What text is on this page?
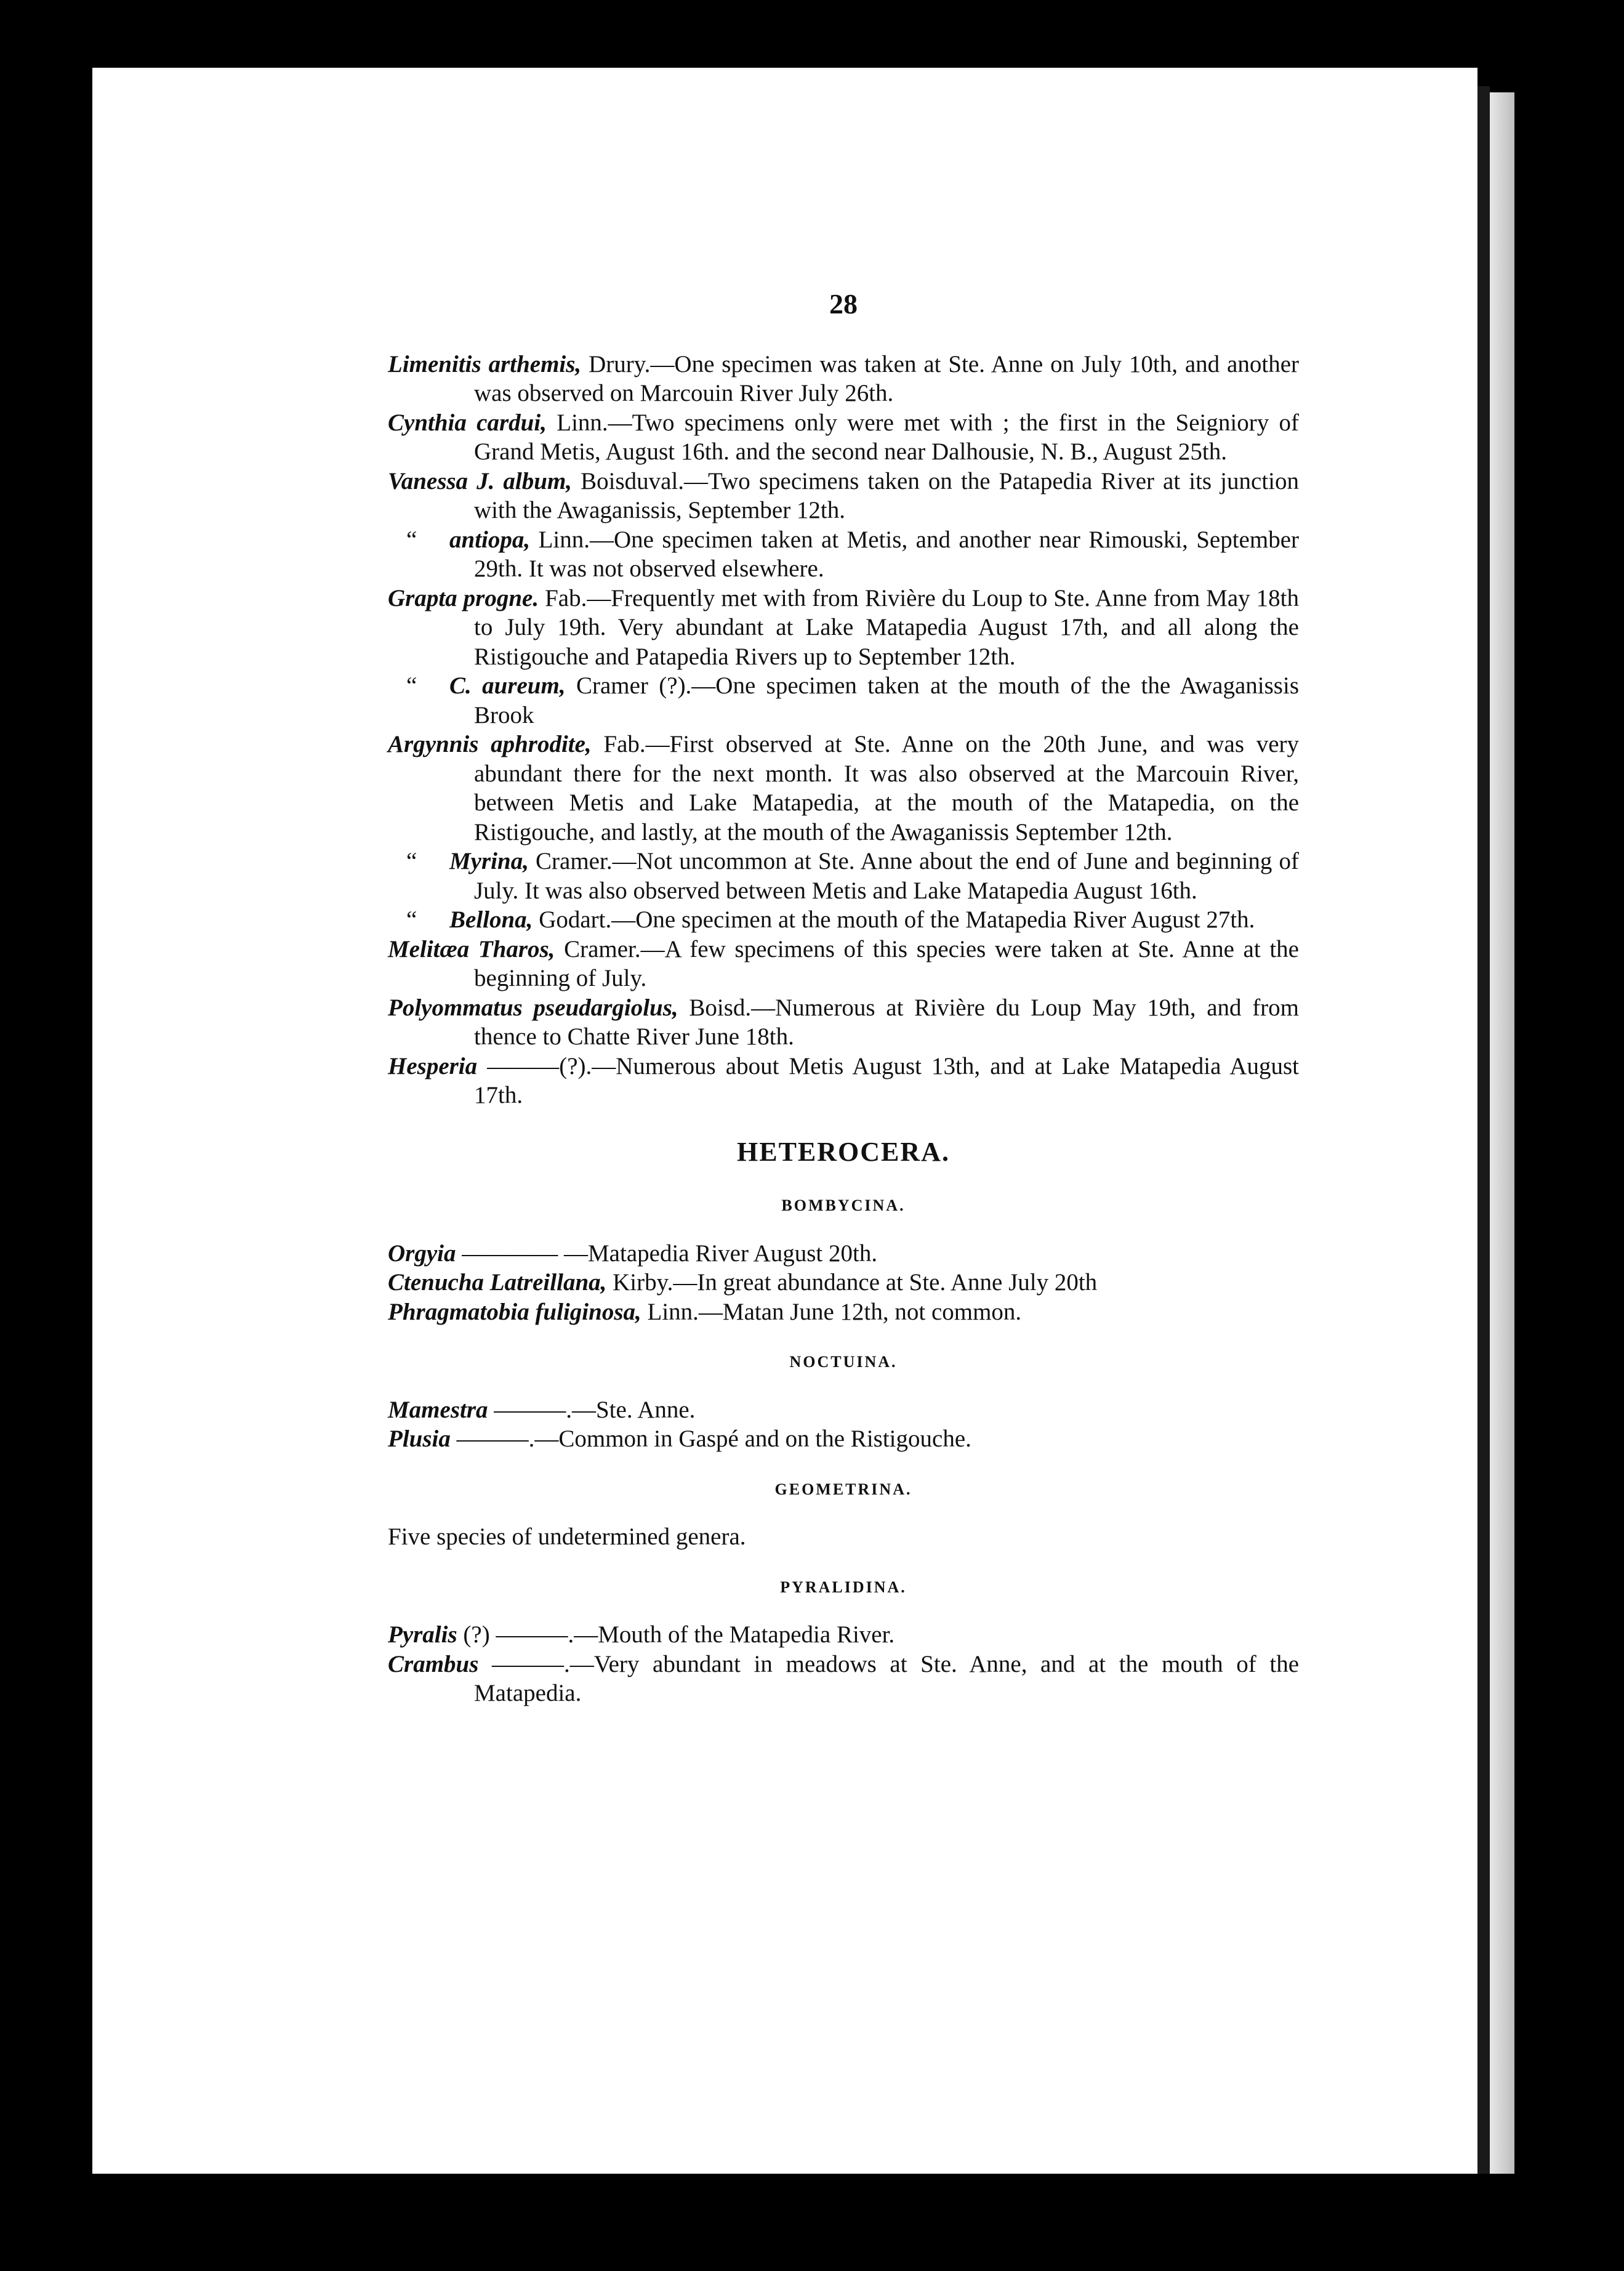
28
Limenitis arthemis, Drury.—One specimen was taken at Ste. Anne on July 10th, and another was observed on Marcouin River July 26th.
Cynthia cardui, Linn.—Two specimens only were met with ; the first in the Seigniory of Grand Metis, August 16th. and the second near Dalhousie, N. B., August 25th.
Vanessa J. album, Boisduval.—Two specimens taken on the Patapedia River at its junction with the Awaganissis, September 12th.
“ antiopa, Linn.—One specimen taken at Metis, and another near Rimouski, September 29th. It was not observed elsewhere.
Grapta progne. Fab.—Frequently met with from Rivière du Loup to Ste. Anne from May 18th to July 19th. Very abundant at Lake Matapedia August 17th, and all along the Ristigouche and Patapedia Rivers up to September 12th.
“ C. aureum, Cramer (?).—One specimen taken at the mouth of the the Awaganissis Brook
Argynnis aphrodite, Fab.—First observed at Ste. Anne on the 20th June, and was very abundant there for the next month. It was also observed at the Marcouin River, between Metis and Lake Matapedia, at the mouth of the Matapedia, on the Ristigouche, and lastly, at the mouth of the Awaganissis September 12th.
“ Myrina, Cramer.—Not uncommon at Ste. Anne about the end of June and beginning of July. It was also observed between Metis and Lake Matapedia August 16th.
“ Bellona, Godart.—One specimen at the mouth of the Matapedia River August 27th.
Melitæa Tharos, Cramer.—A few specimens of this species were taken at Ste. Anne at the beginning of July.
Polyommatus pseudargiolus, Boisd.—Numerous at Rivière du Loup May 19th, and from thence to Chatte River June 18th.
Hesperia ———(?).—Numerous about Metis August 13th, and at Lake Matapedia August 17th.
HETEROCERA.
BOMBYCINA.
Orgyia ———— —Matapedia River August 20th.
Ctenucha Latreillana, Kirby.—In great abundance at Ste. Anne July 20th
Phragmatobia fuliginosa, Linn.—Matan June 12th, not common.
NOCTUINA.
Mamestra ———.—Ste. Anne.
Plusia ———.—Common in Gaspé and on the Ristigouche.
GEOMETRINA.
Five species of undetermined genera.
PYRALIDINA.
Pyralis (?) ———.—Mouth of the Matapedia River.
Crambus ———.—Very abundant in meadows at Ste. Anne, and at the mouth of the Matapedia.
